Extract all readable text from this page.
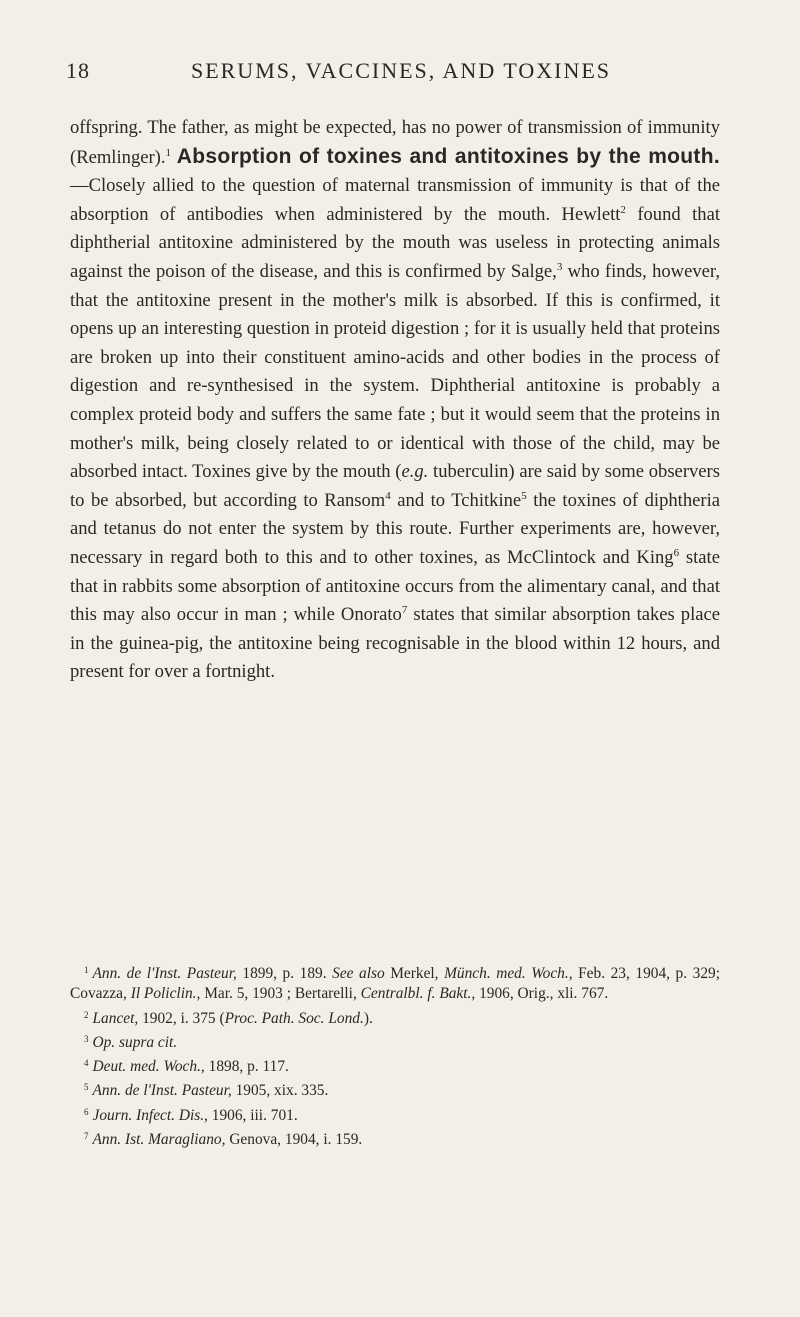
18	SERUMS, VACCINES, AND TOXINES

offspring. The father, as might be expected, has no power of transmission of immunity (Remlinger).$^1$ Absorption of toxines and antitoxines by the mouth.—Closely allied to the question of maternal transmission of immunity is that of the absorption of antibodies when administered by the mouth. Hewlett$^2$ found that diphtherial antitoxine administered by the mouth was useless in protecting animals against the poison of the disease, and this is confirmed by Salge,$^3$ who finds, however, that the antitoxine present in the mother's milk is absorbed. If this is confirmed, it opens up an interesting question in proteid digestion ; for it is usually held that proteins are broken up into their constituent amino-acids and other bodies in the process of digestion and re-synthesised in the system. Diphtherial antitoxine is probably a complex proteid body and suffers the same fate ; but it would seem that the proteins in mother's milk, being closely related to or identical with those of the child, may be absorbed intact. Toxines give by the mouth (e.g. tuberculin) are said by some observers to be absorbed, but according to Ransom$^4$ and to Tchitkine$^5$ the toxines of diphtheria and tetanus do not enter the system by this route. Further experiments are, however, necessary in regard both to this and to other toxines, as McClintock and King$^6$ state that in rabbits some absorption of antitoxine occurs from the alimentary canal, and that this may also occur in man ; while Onorato$^7$ states that similar absorption takes place in the guinea-pig, the antitoxine being recognisable in the blood within 12 hours, and present for over a fortnight.

$^1$ Ann. de l'Inst. Pasteur, 1899, p. 189. See also Merkel, Münch. med. Woch., Feb. 23, 1904, p. 329; Covazza, Il Policlin., Mar. 5, 1903 ; Bertarelli, Centralbl. f. Bakt., 1906, Orig., xli. 767.

$^2$ Lancet, 1902, i. 375 (Proc. Path. Soc. Lond.).

$^3$ Op. supra cit.

$^4$ Deut. med. Woch., 1898, p. 117.

$^5$ Ann. de l'Inst. Pasteur, 1905, xix. 335.

$^6$ Journ. Infect. Dis., 1906, iii. 701.

$^7$ Ann. Ist. Maragliano, Genova, 1904, i. 159.
